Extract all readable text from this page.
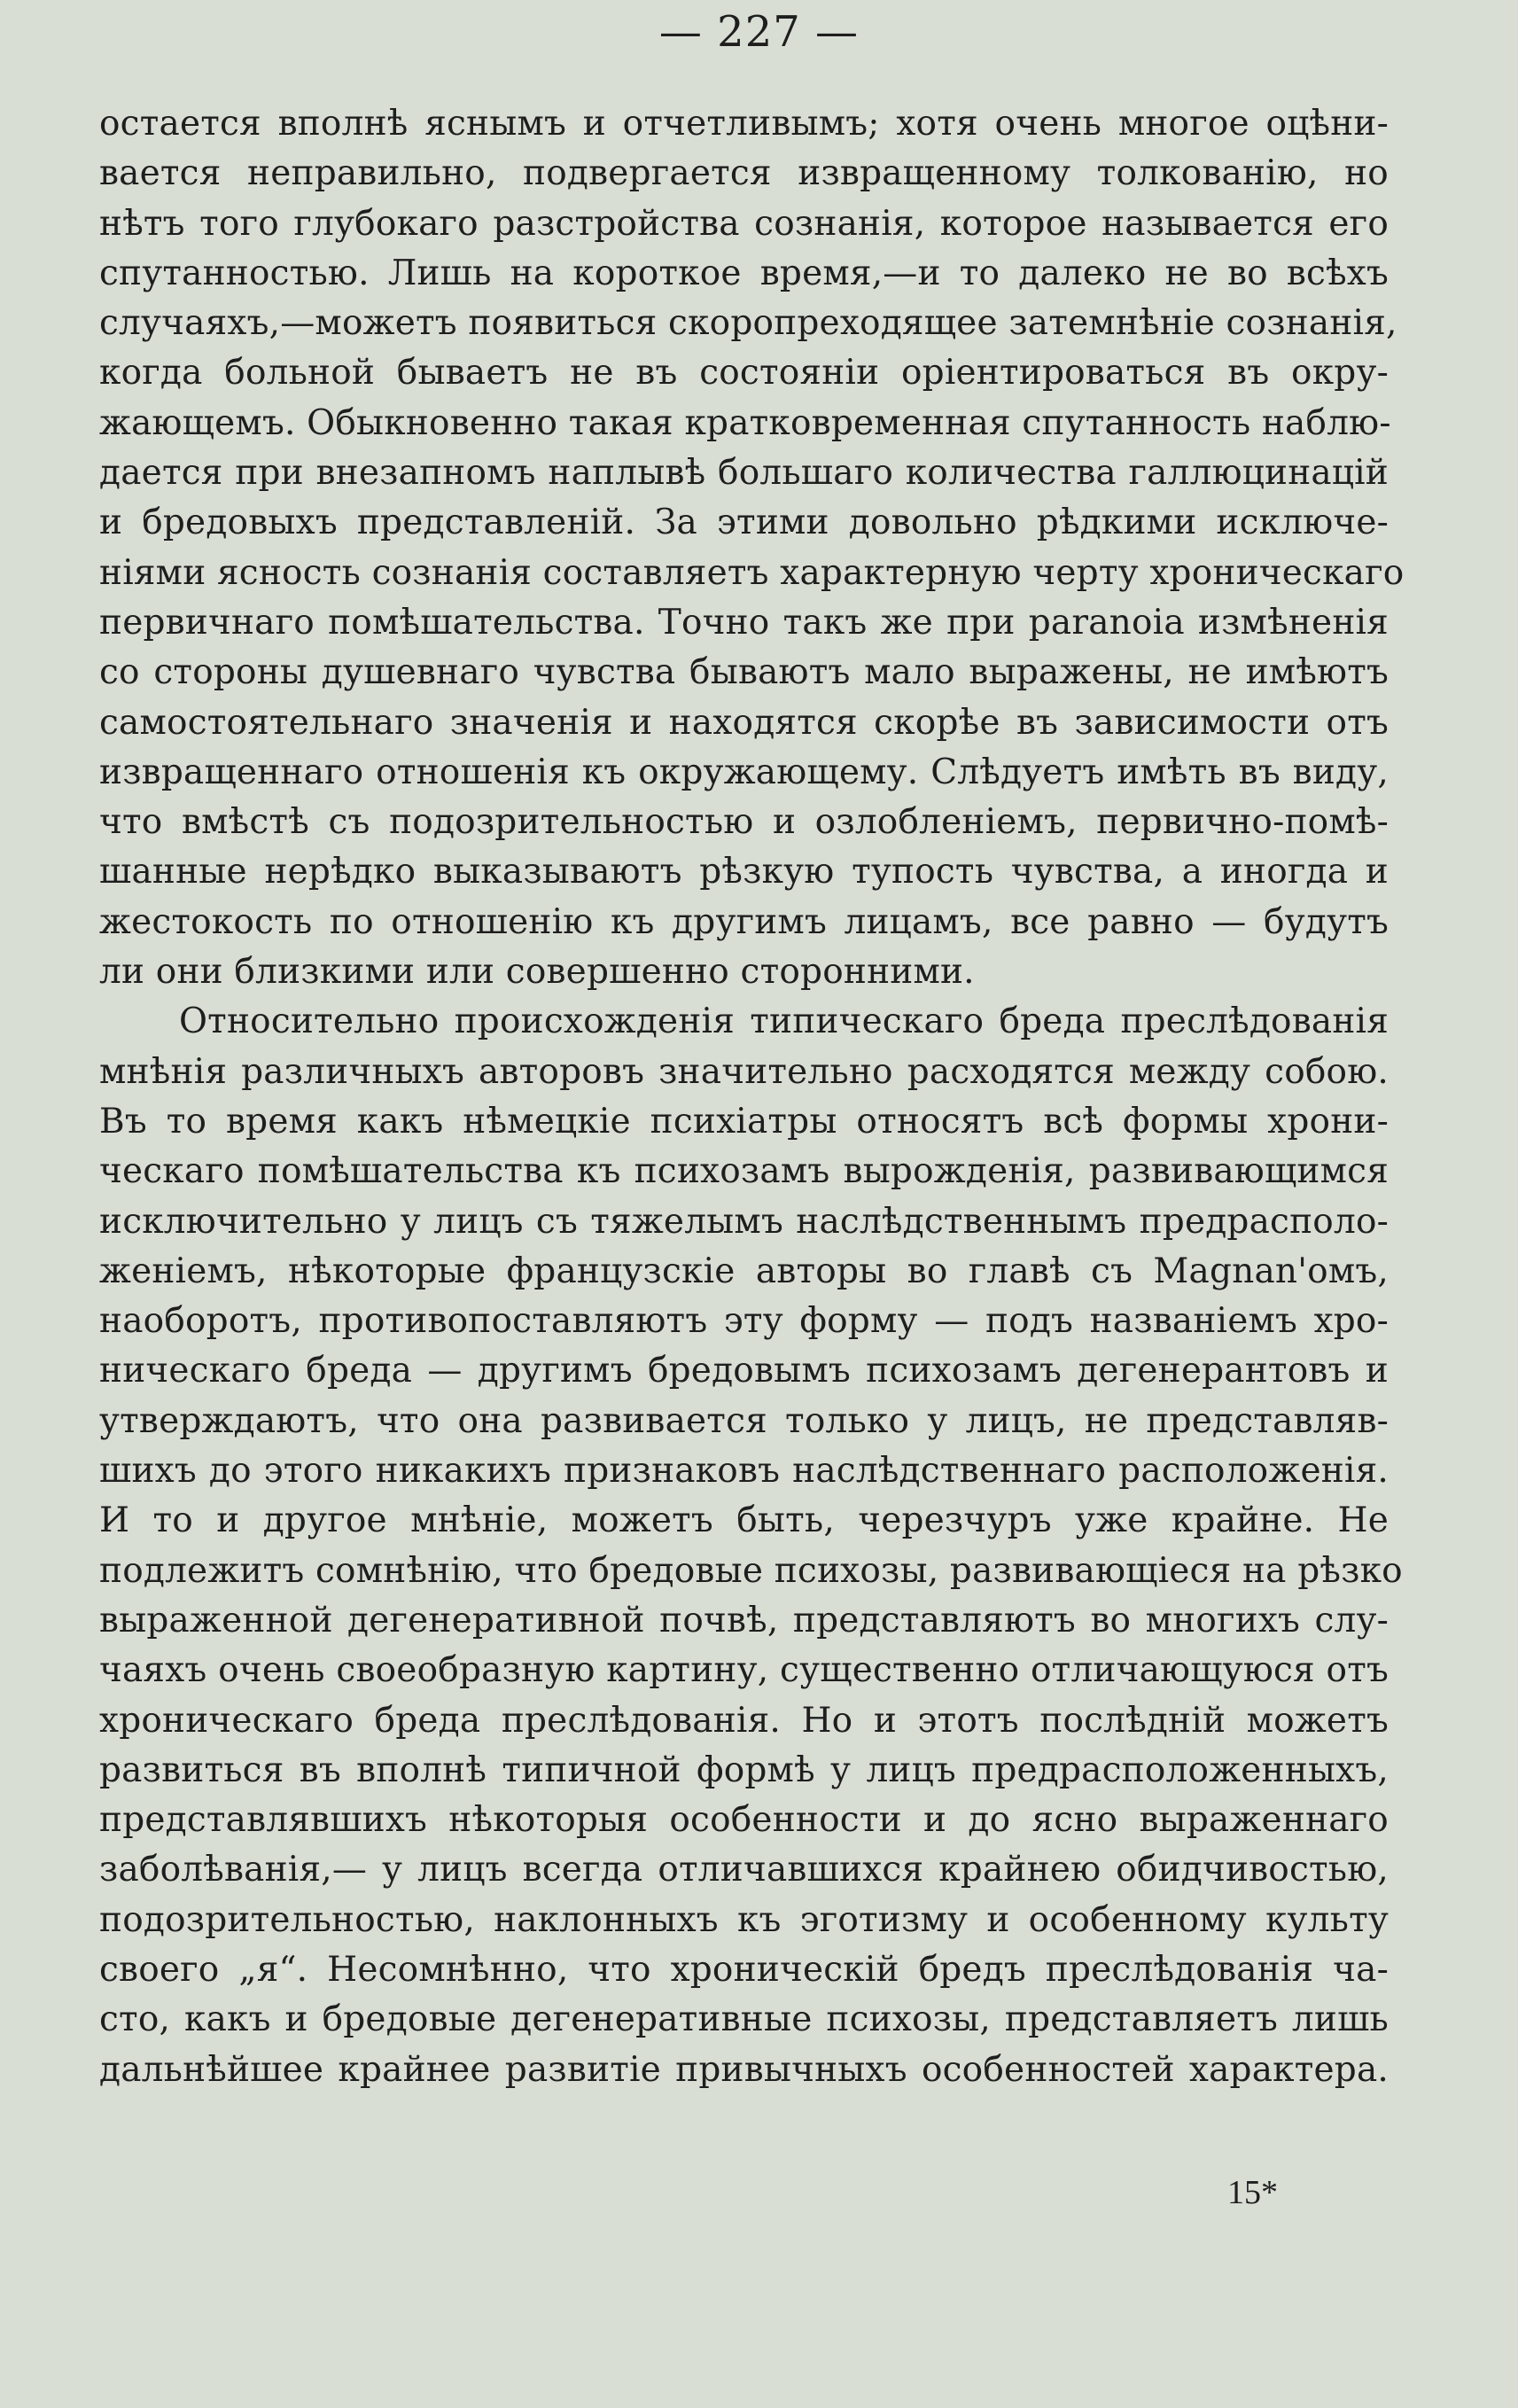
— 227 —
остается вполнѣ яснымъ и отчетливымъ; хотя очень многое оцѣни-
вается неправильно, подвергается извращенному толкованію, но
нѣтъ того глубокаго разстройства сознанія, которое называется его
спутанностью. Лишь на короткое время,—и то далеко не во всѣхъ
случаяхъ,—можетъ появиться скоропреходящее затемнѣніе сознанія,
когда больной бываетъ не въ состояніи оріентироваться въ окру-
жающемъ. Обыкновенно такая кратковременная спутанность наблю-
дается при внезапномъ наплывѣ большаго количества галлюцинацій
и бредовыхъ представленій. За этими довольно рѣдкими исключе-
ніями ясность сознанія составляетъ характерную черту хроническаго
первичнаго помѣшательства. Точно такъ же при paranoia измѣненія
со стороны душевнаго чувства бываютъ мало выражены, не имѣютъ
самостоятельнаго значенія и находятся скорѣе въ зависимости отъ
извращеннаго отношенія къ окружающему. Слѣдуетъ имѣть въ виду,
что вмѣстѣ съ подозрительностью и озлобленіемъ, первично-помѣ-
шанные нерѣдко выказываютъ рѣзкую тупость чувства, а иногда и
жестокость по отношенію къ другимъ лицамъ, все равно — будутъ
ли они близкими или совершенно сторонними.
Относительно происхожденія типическаго бреда преслѣдованія
мнѣнія различныхъ авторовъ значительно расходятся между собою.
Въ то время какъ нѣмецкіе психіатры относятъ всѣ формы хрони-
ческаго помѣшательства къ психозамъ вырожденія, развивающимся
исключительно у лицъ съ тяжелымъ наслѣдственнымъ предрасполо-
женіемъ, нѣкоторые французскіе авторы во главѣ съ Magnan'омъ,
наоборотъ, противопоставляютъ эту форму — подъ названіемъ хро-
ническаго бреда — другимъ бредовымъ психозамъ дегенерантовъ и
утверждаютъ, что она развивается только у лицъ, не представляв-
шихъ до этого никакихъ признаковъ наслѣдственнаго расположенія.
И то и другое мнѣніе, можетъ быть, черезчуръ уже крайне. Не
подлежитъ сомнѣнію, что бредовые психозы, развивающіеся на рѣзко
выраженной дегенеративной почвѣ, представляютъ во многихъ слу-
чаяхъ очень своеобразную картину, существенно отличающуюся отъ
хроническаго бреда преслѣдованія. Но и этотъ послѣдній можетъ
развиться въ вполнѣ типичной формѣ у лицъ предрасположенныхъ,
представлявшихъ нѣкоторыя особенности и до ясно выраженнаго
заболѣванія,— у лицъ всегда отличавшихся крайнею обидчивостью,
подозрительностью, наклонныхъ къ эготизму и особенному культу
своего „я“. Несомнѣнно, что хроническій бредъ преслѣдованія ча-
сто, какъ и бредовые дегенеративные психозы, представляетъ лишь
дальнѣйшее крайнее развитіе привычныхъ особенностей характера.
15*
